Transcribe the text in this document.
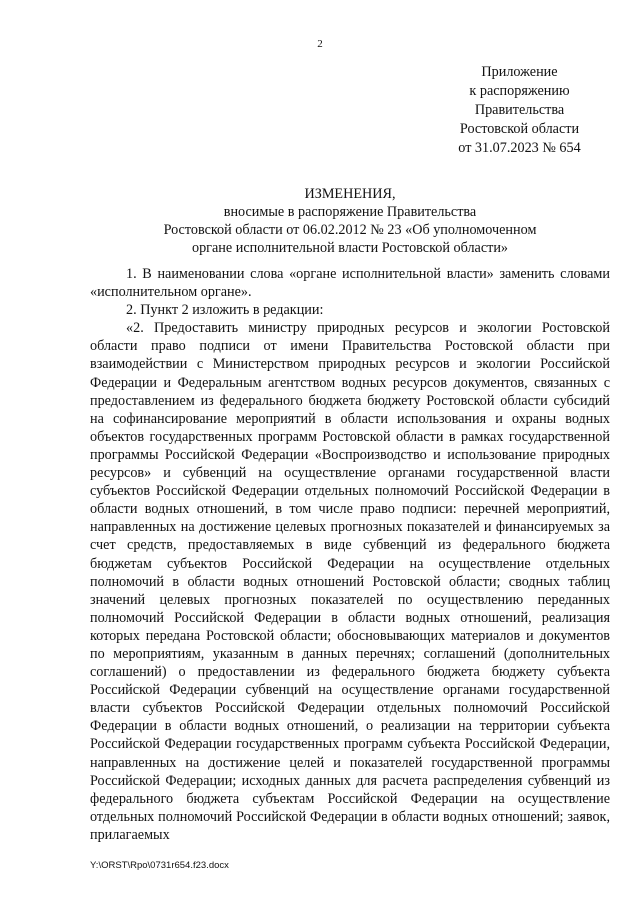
2
Приложение
к распоряжению
Правительства
Ростовской области
от 31.07.2023 № 654
ИЗМЕНЕНИЯ,
вносимые в распоряжение Правительства
Ростовской области от 06.02.2012 № 23 «Об уполномоченном
органе исполнительной власти Ростовской области»

1. В наименовании слова «органе исполнительной власти» заменить словами «исполнительном органе».

2. Пункт 2 изложить в редакции:

«2. Предоставить министру природных ресурсов и экологии Ростовской области право подписи от имени Правительства Ростовской области при взаимодействии с Министерством природных ресурсов и экологии Российской Федерации и Федеральным агентством водных ресурсов документов, связанных с предоставлением из федерального бюджета бюджету Ростовской области субсидий на софинансирование мероприятий в области использования и охраны водных объектов государственных программ Ростовской области в рамках государственной программы Российской Федерации «Воспроизводство и использование природных ресурсов» и субвенций на осуществление органами государственной власти субъектов Российской Федерации отдельных полномочий Российской Федерации в области водных отношений, в том числе право подписи: перечней мероприятий, направленных на достижение целевых прогнозных показателей и финансируемых за счет средств, предоставляемых в виде субвенций из федерального бюджета бюджетам субъектов Российской Федерации на осуществление отдельных полномочий в области водных отношений Ростовской области; сводных таблиц значений целевых прогнозных показателей по осуществлению переданных полномочий Российской Федерации в области водных отношений, реализация которых передана Ростовской области; обосновывающих материалов и документов по мероприятиям, указанным в данных перечнях; соглашений (дополнительных соглашений) о предоставлении из федерального бюджета бюджету субъекта Российской Федерации субвенций на осуществление органами государственной власти субъектов Российской Федерации отдельных полномочий Российской Федерации в области водных отношений, о реализации на территории субъекта Российской Федерации государственных программ субъекта Российской Федерации, направленных на достижение целей и показателей государственной программы Российской Федерации; исходных данных для расчета распределения субвенций из федерального бюджета субъектам Российской Федерации на осуществление отдельных полномочий Российской Федерации в области водных отношений; заявок, прилагаемых

Y:\ORST\Rpo\0731r654.f23.docx
